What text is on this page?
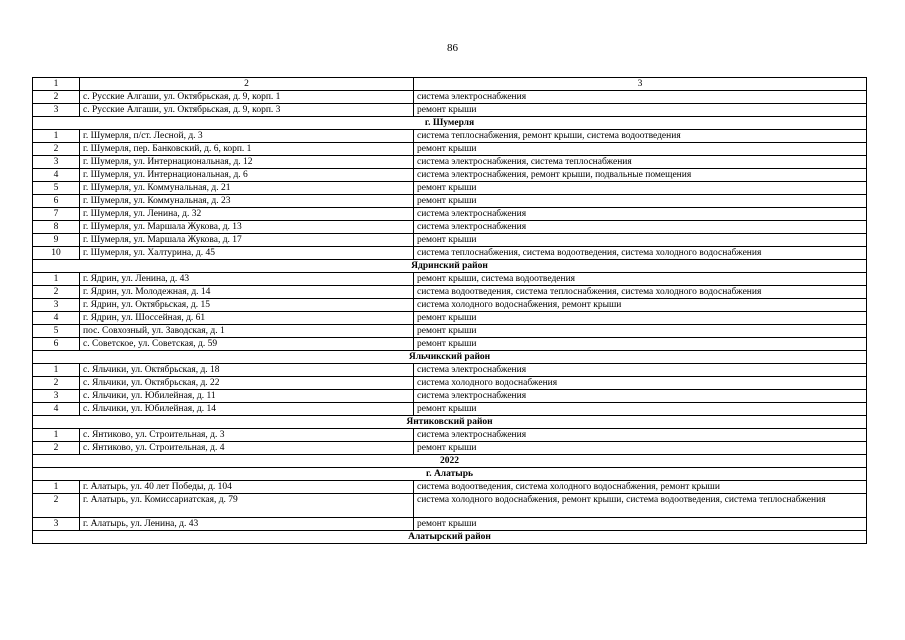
86
1	2	3
2	с. Русские Алгаши, ул. Октябрьская, д. 9, корп. 1	система электроснабжения
3	с. Русские Алгаши, ул. Октябрьская, д. 9, корп. 3	ремонт крыши
г. Шумерля		
1	г. Шумерля, п/ст. Лесной, д. 3	система теплоснабжения, ремонт крыши, система водоотведения
2	г. Шумерля, пер. Банковский, д. 6, корп. 1	ремонт крыши
3	г. Шумерля, ул. Интернациональная, д. 12	система электроснабжения, система теплоснабжения
4	г. Шумерля, ул. Интернациональная, д. 6	система электроснабжения, ремонт крыши, подвальные помещения
5	г. Шумерля, ул. Коммунальная, д. 21	ремонт крыши
6	г. Шумерля, ул. Коммунальная, д. 23	ремонт крыши
7	г. Шумерля, ул. Ленина, д. 32	система электроснабжения
8	г. Шумерля, ул. Маршала Жукова, д. 13	система электроснабжения
9	г. Шумерля, ул. Маршала Жукова, д. 17	ремонт крыши
10	г. Шумерля, ул. Халтурина, д. 45	система теплоснабжения, система водоотведения, система холодного водоснабжения
Ядринский район		
1	г. Ядрин, ул. Ленина, д. 43	ремонт крыши, система водоотведения
2	г. Ядрин, ул. Молодежная, д. 14	система водоотведения, система теплоснабжения, система холодного водоснабжения
3	г. Ядрин, ул. Октябрьская, д. 15	система холодного водоснабжения, ремонт крыши
4	г. Ядрин, ул. Шоссейная, д. 61	ремонт крыши
5	пос. Совхозный, ул. Заводская, д. 1	ремонт крыши
6	с. Советское, ул. Советская, д. 59	ремонт крыши
Яльчикский район		
1	с. Яльчики, ул. Октябрьская, д. 18	система электроснабжения
2	с. Яльчики, ул. Октябрьская, д. 22	система холодного водоснабжения
3	с. Яльчики, ул. Юбилейная, д. 11	система электроснабжения
4	с. Яльчики, ул. Юбилейная, д. 14	ремонт крыши
Янтиковский район		
1	с. Янтиково, ул. Строительная, д. 3	система электроснабжения
2	с. Янтиково, ул. Строительная, д. 4	ремонт крыши
2022		
г. Алатырь		
1	г. Алатырь, ул. 40 лет Победы, д. 104	система водоотведения, система холодного водоснабжения, ремонт крыши
2	г. Алатырь, ул. Комиссариатская, д. 79	система холодного водоснабжения, ремонт крыши, система водоотведения, система теплоснабжения
3	г. Алатырь, ул. Ленина, д. 43	ремонт крыши
Алатырский район		
